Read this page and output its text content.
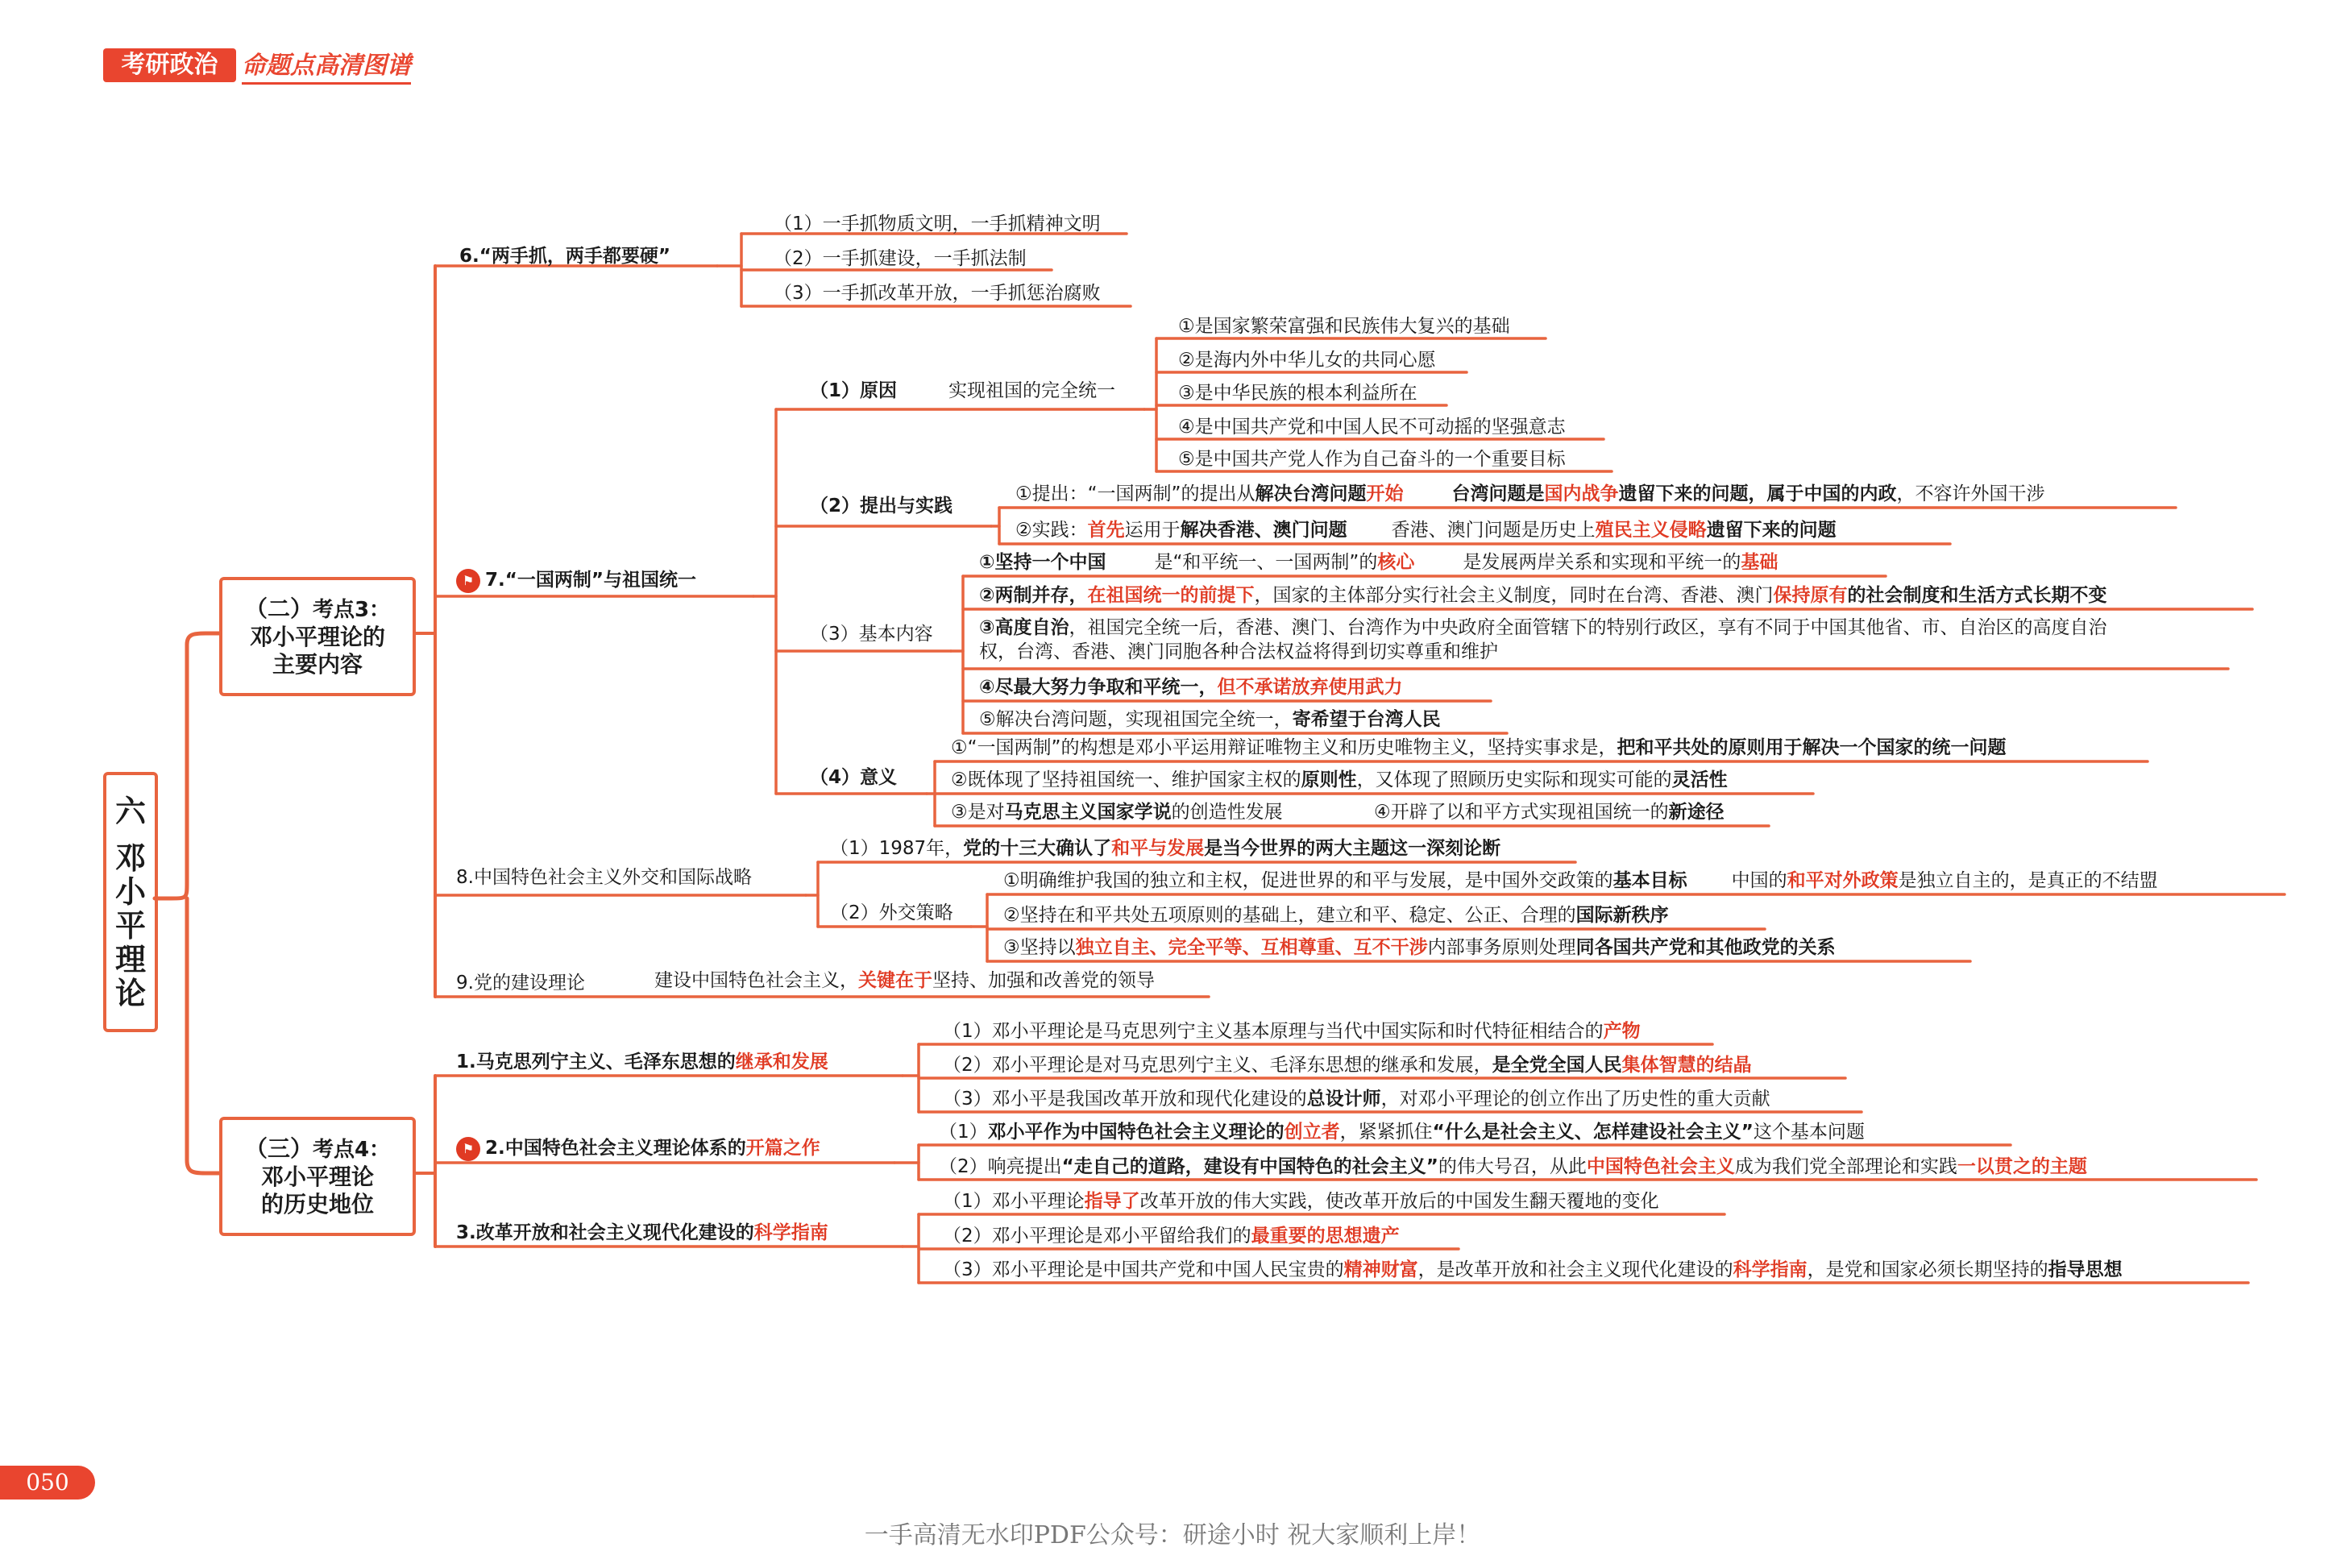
考研政治 命题点高清图谱
六
邓
小
平
理
论
（二）考点3：
邓小平理论的
主要内容
（三）考点4：
邓小平理论
的历史地位
6.“两手抓，两手都要硬”
（1）一手抓物质文明，一手抓精神文明
（2）一手抓建设，一手抓法制
（3）一手抓改革开放，一手抓惩治腐败
⚑ 7.“一国两制”与祖国统一
（1）原因	实现祖国的完全统一
①是国家繁荣富强和民族伟大复兴的基础
②是海内外中华儿女的共同心愿
③是中华民族的根本利益所在
④是中国共产党和中国人民不可动摇的坚强意志
⑤是中国共产党人作为自己奋斗的一个重要目标
（2）提出与实践
①提出：“一国两制”的提出从解决台湾问题开始	台湾问题是国内战争遗留下来的问题，属于中国的内政，不容许外国干涉
②实践：首先运用于解决香港、澳门问题 香港、澳门问题是历史上殖民主义侵略遗留下来的问题
（3）基本内容
①坚持一个中国	是“和平统一、一国两制”的核心	是发展两岸关系和实现和平统一的基础
②两制并存，在祖国统一的前提下，国家的主体部分实行社会主义制度，同时在台湾、香港、澳门保持原有的社会制度和生活方式长期不变
③高度自治，祖国完全统一后，香港、澳门、台湾作为中央政府全面管辖下的特别行政区，享有不同于中国其他省、市、自治区的高度自治
权，台湾、香港、澳门同胞各种合法权益将得到切实尊重和维护
④尽最大努力争取和平统一，但不承诺放弃使用武力
⑤解决台湾问题，实现祖国完全统一，寄希望于台湾人民
（4）意义
①“一国两制”的构想是邓小平运用辩证唯物主义和历史唯物主义，坚持实事求是，把和平共处的原则用于解决一个国家的统一问题
②既体现了坚持祖国统一、维护国家主权的原则性，又体现了照顾历史实际和现实可能的灵活性
③是对马克思主义国家学说的创造性发展	④开辟了以和平方式实现祖国统一的新途径
8.中国特色社会主义外交和国际战略
（1）1987年，党的十三大确认了和平与发展是当今世界的两大主题这一深刻论断
（2）外交策略
①明确维护我国的独立和主权，促进世界的和平与发展，是中国外交政策的基本目标 中国的和平对外政策是独立自主的，是真正的不结盟
②坚持在和平共处五项原则的基础上，建立和平、稳定、公正、合理的国际新秩序
③坚持以独立自主、完全平等、互相尊重、互不干涉内部事务原则处理同各国共产党和其他政党的关系
9.党的建设理论	建设中国特色社会主义，关键在于坚持、加强和改善党的领导
1.马克思列宁主义、毛泽东思想的继承和发展
（1）邓小平理论是马克思列宁主义基本原理与当代中国实际和时代特征相结合的产物
（2）邓小平理论是对马克思列宁主义、毛泽东思想的继承和发展，是全党全国人民集体智慧的结晶
（3）邓小平是我国改革开放和现代化建设的总设计师，对邓小平理论的创立作出了历史性的重大贡献
⚑ 2.中国特色社会主义理论体系的开篇之作
（1）邓小平作为中国特色社会主义理论的创立者，紧紧抓住“什么是社会主义、怎样建设社会主义”这个基本问题
（2）响亮提出“走自己的道路，建设有中国特色的社会主义”的伟大号召，从此中国特色社会主义成为我们党全部理论和实践一以贯之的主题
3.改革开放和社会主义现代化建设的科学指南
（1）邓小平理论指导了改革开放的伟大实践，使改革开放后的中国发生翻天覆地的变化
（2）邓小平理论是邓小平留给我们的最重要的思想遗产
（3）邓小平理论是中国共产党和中国人民宝贵的精神财富，是改革开放和社会主义现代化建设的科学指南，是党和国家必须长期坚持的指导思想
050
一手高清无水印PDF公众号：研途小时 祝大家顺利上岸！
